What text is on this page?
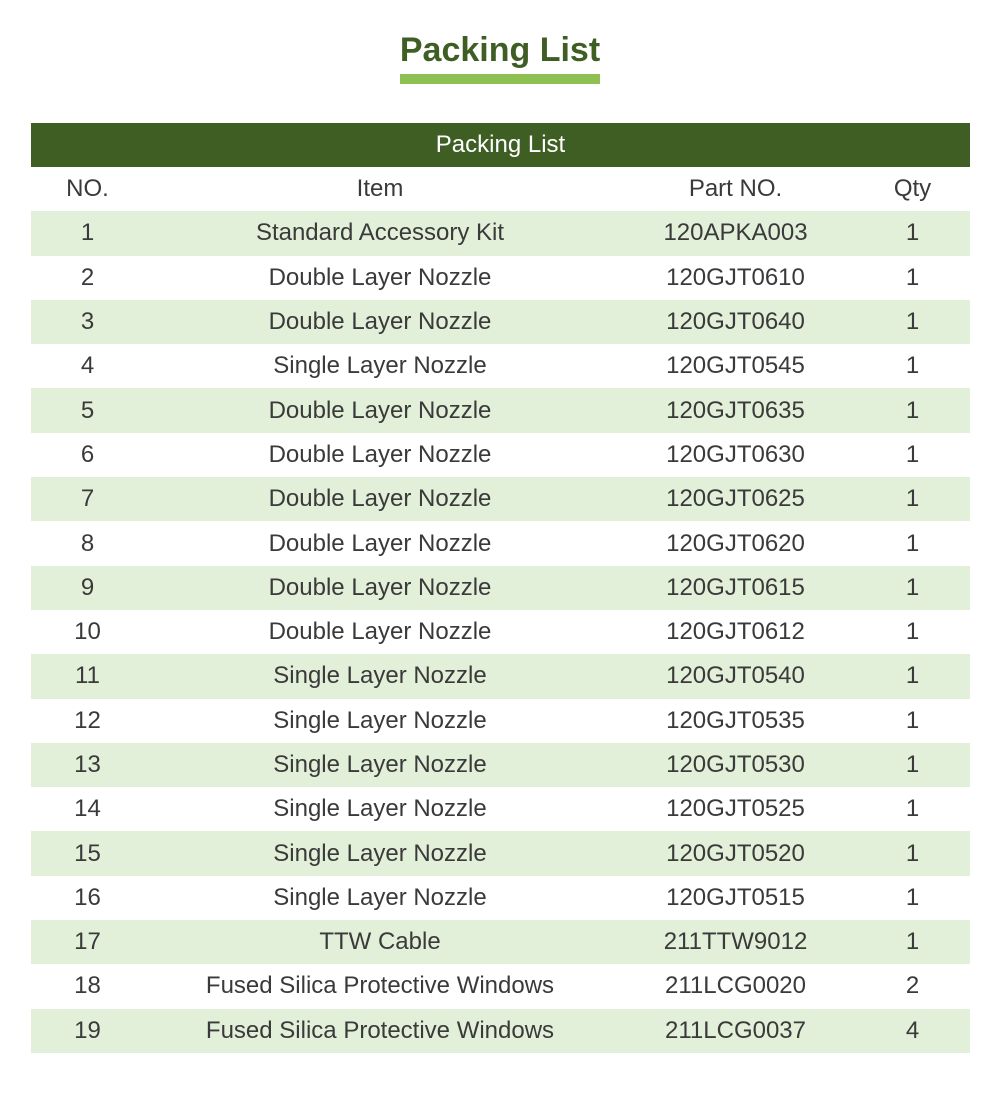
Packing List
Packing List
NO.	Item	Part NO.	Qty
1	Standard Accessory Kit	120APKA003	1
2	Double Layer Nozzle	120GJT0610	1
3	Double Layer Nozzle	120GJT0640	1
4	Single Layer Nozzle	120GJT0545	1
5	Double Layer Nozzle	120GJT0635	1
6	Double Layer Nozzle	120GJT0630	1
7	Double Layer Nozzle	120GJT0625	1
8	Double Layer Nozzle	120GJT0620	1
9	Double Layer Nozzle	120GJT0615	1
10	Double Layer Nozzle	120GJT0612	1
11	Single Layer Nozzle	120GJT0540	1
12	Single Layer Nozzle	120GJT0535	1
13	Single Layer Nozzle	120GJT0530	1
14	Single Layer Nozzle	120GJT0525	1
15	Single Layer Nozzle	120GJT0520	1
16	Single Layer Nozzle	120GJT0515	1
17	TTW Cable	211TTW9012	1
18	Fused Silica Protective Windows	211LCG0020	2
19	Fused Silica Protective Windows	211LCG0037	4
